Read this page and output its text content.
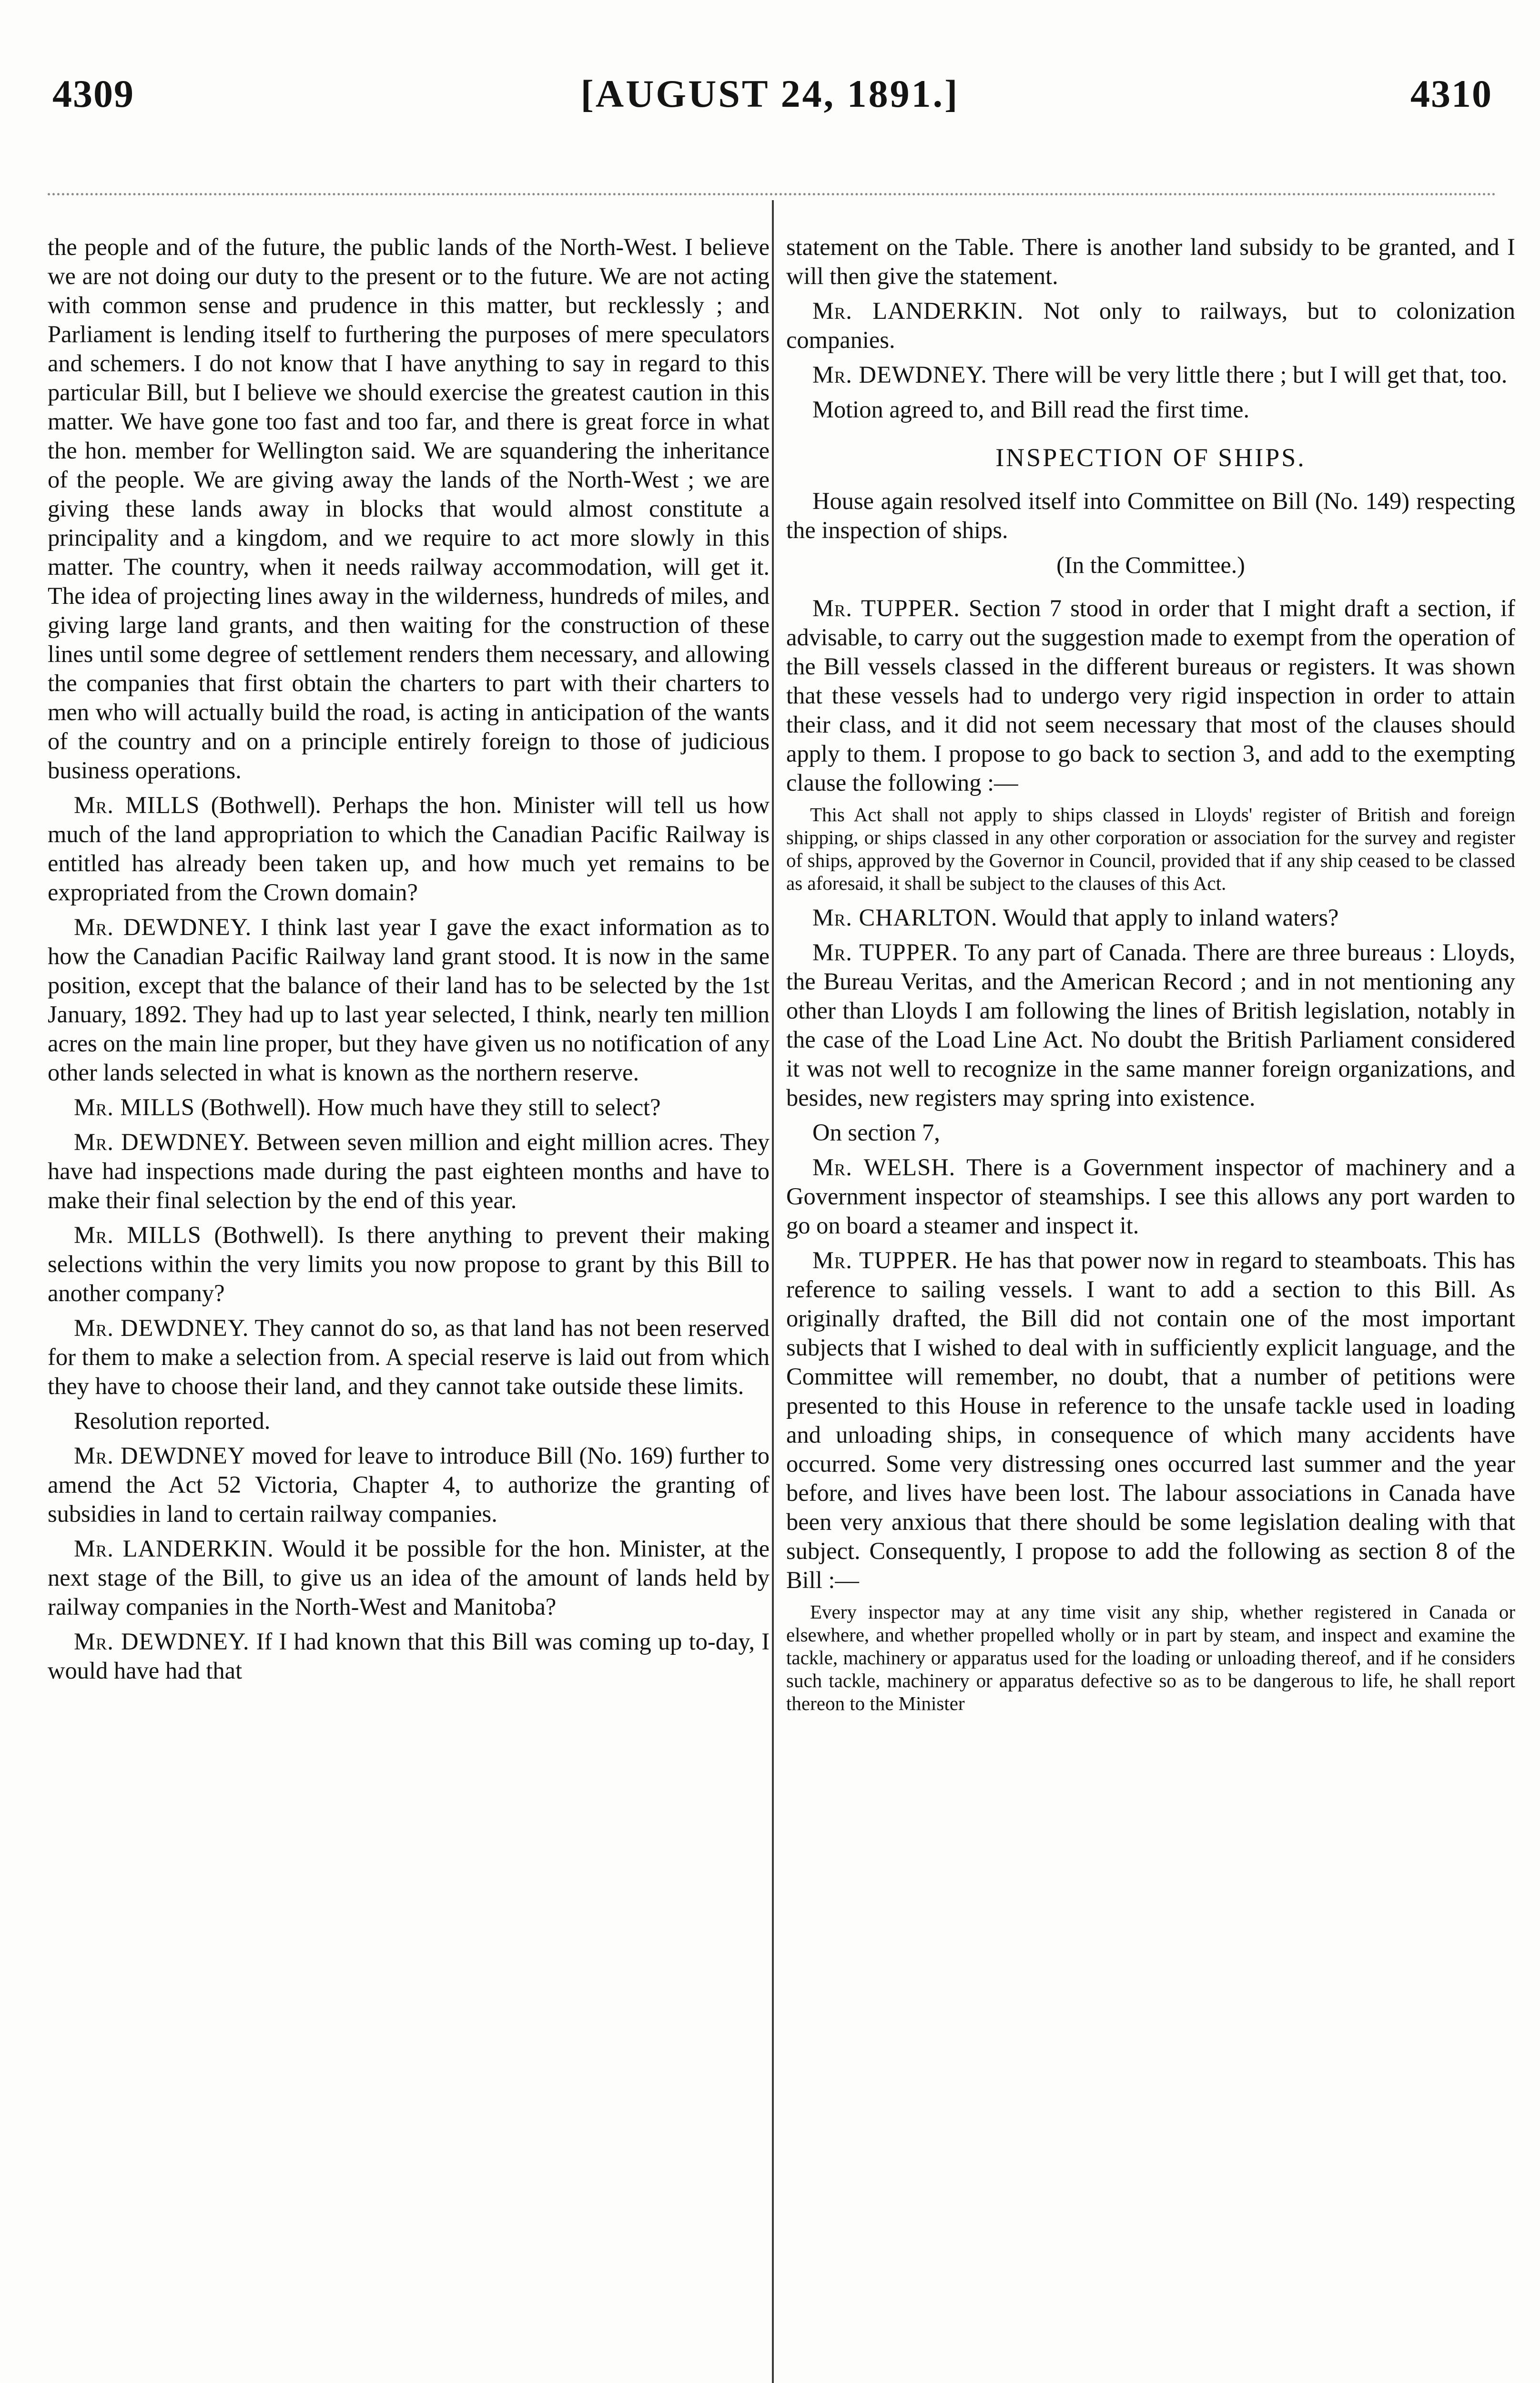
4309	[AUGUST 24, 1891.]	4310

the people and of the future, the public lands of the North-West. I believe we are not doing our duty to the present or to the future. We are not acting with common sense and prudence in this matter, but recklessly ; and Parliament is lending itself to furthering the purposes of mere speculators and schemers. I do not know that I have anything to say in regard to this particular Bill, but I believe we should exercise the greatest caution in this matter. We have gone too fast and too far, and there is great force in what the hon. member for Wellington said. We are squandering the inheritance of the people. We are giving away the lands of the North-West ; we are giving these lands away in blocks that would almost constitute a principality and a kingdom, and we require to act more slowly in this matter. The country, when it needs railway accommodation, will get it. The idea of projecting lines away in the wilderness, hundreds of miles, and giving large land grants, and then waiting for the construction of these lines until some degree of settlement renders them necessary, and allowing the companies that first obtain the charters to part with their charters to men who will actually build the road, is acting in anticipation of the wants of the country and on a principle entirely foreign to those of judicious business operations.

Mr. MILLS (Bothwell). Perhaps the hon. Minister will tell us how much of the land appropriation to which the Canadian Pacific Railway is entitled has already been taken up, and how much yet remains to be expropriated from the Crown domain?

Mr. DEWDNEY. I think last year I gave the exact information as to how the Canadian Pacific Railway land grant stood. It is now in the same position, except that the balance of their land has to be selected by the 1st January, 1892. They had up to last year selected, I think, nearly ten million acres on the main line proper, but they have given us no notification of any other lands selected in what is known as the northern reserve.

Mr. MILLS (Bothwell). How much have they still to select?

Mr. DEWDNEY. Between seven million and eight million acres. They have had inspections made during the past eighteen months and have to make their final selection by the end of this year.

Mr. MILLS (Bothwell). Is there anything to prevent their making selections within the very limits you now propose to grant by this Bill to another company?

Mr. DEWDNEY. They cannot do so, as that land has not been reserved for them to make a selection from. A special reserve is laid out from which they have to choose their land, and they cannot take outside these limits.

Resolution reported.

Mr. DEWDNEY moved for leave to introduce Bill (No. 169) further to amend the Act 52 Victoria, Chapter 4, to authorize the granting of subsidies in land to certain railway companies.

Mr. LANDERKIN. Would it be possible for the hon. Minister, at the next stage of the Bill, to give us an idea of the amount of lands held by railway companies in the North-West and Manitoba?

Mr. DEWDNEY. If I had known that this Bill was coming up to-day, I would have had that

statement on the Table. There is another land subsidy to be granted, and I will then give the statement.

Mr. LANDERKIN. Not only to railways, but to colonization companies.

Mr. DEWDNEY. There will be very little there ; but I will get that, too.

Motion agreed to, and Bill read the first time.

INSPECTION OF SHIPS.

House again resolved itself into Committee on Bill (No. 149) respecting the inspection of ships.

(In the Committee.)

Mr. TUPPER. Section 7 stood in order that I might draft a section, if advisable, to carry out the suggestion made to exempt from the operation of the Bill vessels classed in the different bureaus or registers. It was shown that these vessels had to undergo very rigid inspection in order to attain their class, and it did not seem necessary that most of the clauses should apply to them. I propose to go back to section 3, and add to the exempting clause the following :—

This Act shall not apply to ships classed in Lloyds' register of British and foreign shipping, or ships classed in any other corporation or association for the survey and register of ships, approved by the Governor in Council, provided that if any ship ceased to be classed as aforesaid, it shall be subject to the clauses of this Act.

Mr. CHARLTON. Would that apply to inland waters?

Mr. TUPPER. To any part of Canada. There are three bureaus : Lloyds, the Bureau Veritas, and the American Record ; and in not mentioning any other than Lloyds I am following the lines of British legislation, notably in the case of the Load Line Act. No doubt the British Parliament considered it was not well to recognize in the same manner foreign organizations, and besides, new registers may spring into existence.

On section 7,

Mr. WELSH. There is a Government inspector of machinery and a Government inspector of steamships. I see this allows any port warden to go on board a steamer and inspect it.

Mr. TUPPER. He has that power now in regard to steamboats. This has reference to sailing vessels. I want to add a section to this Bill. As originally drafted, the Bill did not contain one of the most important subjects that I wished to deal with in sufficiently explicit language, and the Committee will remember, no doubt, that a number of petitions were presented to this House in reference to the unsafe tackle used in loading and unloading ships, in consequence of which many accidents have occurred. Some very distressing ones occurred last summer and the year before, and lives have been lost. The labour associations in Canada have been very anxious that there should be some legislation dealing with that subject. Consequently, I propose to add the following as section 8 of the Bill :—

Every inspector may at any time visit any ship, whether registered in Canada or elsewhere, and whether propelled wholly or in part by steam, and inspect and examine the tackle, machinery or apparatus used for the loading or unloading thereof, and if he considers such tackle, machinery or apparatus defective so as to be dangerous to life, he shall report thereon to the Minister
